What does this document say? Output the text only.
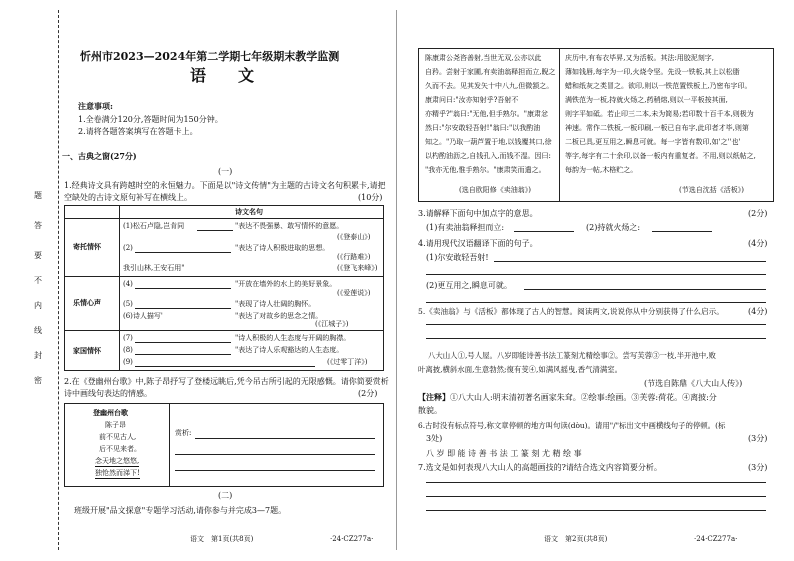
题
答
要
不
内
线
封
密
忻州市2023—2024年第二学期七年级期末教学监测
语　文
注意事项:
1.全卷满分120分,答题时间为150分钟。
2.请将各题答案填写在答题卡上。
一、古典之窗(27分)
(一)
1.经典诗文具有跨越时空的永恒魅力。下面是以"诗文传情"为主题的古诗文名句积累卡,请把
空缺处的古诗文原句补写在横线上。	(10分)
诗文名句
寄托情怀
(1)松石卢隐,岂肯同	"表达不畏强暴、敢写情怀的意愿。
(《登泰山》)
(2)	"表达了诗人积极进取的思想。
(《行路难》)
我引山林,王安石用"	(《登飞来峰》)
乐情心声
(4)	"开放在墙外的水上的美好景象。
(《爱莲说》)
(5)	"表现了诗人壮阔的胸怀。
(6)诗人描写'	"表达了对故乡的思念之情。
(《江城子》)
家国情怀
(7)	"诗人积极的人生态度与开阔的胸襟。
(8)	"表达了诗人乐观豁达的人生态度。
(9)	(《过零丁洋》)
2.在《登幽州台歌》中,陈子昂抒写了登楼远眺后,凭今吊古所引起的无限感慨。请你简要赏析
诗中画线句表达的情感。	(2分)
登幽州台歌
陈子昂
前不见古人,
后不见来者。
念天地之悠悠,
独怆然而涕下!
赏析:
(二)
班级开展"品文探意"专题学习活动,请你参与并完成3—7题。
语文　第1页(共8页)	·24·CZ277a·
陈康肃公尧咨善射,当世无双,公亦以此
自矜。尝射于家圃,有卖油翁释担而立,睨之
久而不去。见其发矢十中八九,但微颔之。
康肃问曰:"汝亦知射乎?吾射不
亦精乎?"翁曰:"无他,但手熟尔。"康肃忿
然曰:"尔安敢轻吾射!"翁曰:"以我酌油
知之。"乃取一葫芦置于地,以钱覆其口,徐
以杓酌油沥之,自钱孔入,而钱不湿。因曰:
"我亦无他,惟手熟尔。"康肃笑而遣之。
(选自欧阳修《卖油翁》)
庆历中,有布衣毕昇,又为活板。其法:用胶泥刻字,
薄如钱唇,每字为一印,火烧令坚。先设一铁板,其上以松脂
蜡和纸灰之类冒之。欲印,则以一铁范置铁板上,乃密布字印。
满铁范为一板,持就火炀之,药稍熔,则以一平板按其面,
则字平如砥。若止印三二本,未为简易;若印数十百千本,则极为
神速。常作二铁板,一板印刷,一板已自布字,此印者才毕,则第
二板已具,更互用之,瞬息可就。每一字皆有数印,如'之''也'
等字,每字有二十余印,以备一板内有重复者。不用,则以纸帖之,
每韵为一帖,木格贮之。
(节选自沈括《活板》)
3.请解释下面句中加点字的意思。	(2分)
(1)有卖油翁释担而立:	(2)持就火炀之:
4.请用现代汉语翻译下面的句子。	(4分)
(1)尔安敢轻吾射!
(2)更互用之,瞬息可就。
5.《卖油翁》与《活板》都体现了古人的智慧。阅读两文,说说你从中分别获得了什么启示。	(4分)
八大山人①,号人屋。八岁即能诗善书法工篆刻尤精绘事②。尝写芙蓉③一枝,半开池中,败
叶离披,横斜水面,生意勃然;復有芰④,如满风摇曳,香气清满室。
(节选自陈鼎《八大山人传》)
【注释】①八大山人:明末清初著名画家朱耷。②绘事:绘画。③芙蓉:荷花。④离披:分
散貌。
6.古时没有标点符号,称文章停顿的地方叫句读(dòu)。请用"/"标出文中画横线句子的停顿。(标
3处)	(3分)
八 岁 即 能 诗 善 书 法 工 篆 刻 尤 精 绘 事
7.选文是如何表现八大山人的高超画技的?请结合选文内容简要分析。	(3分)
语文　第2页(共8页)	·24·CZ277a·
